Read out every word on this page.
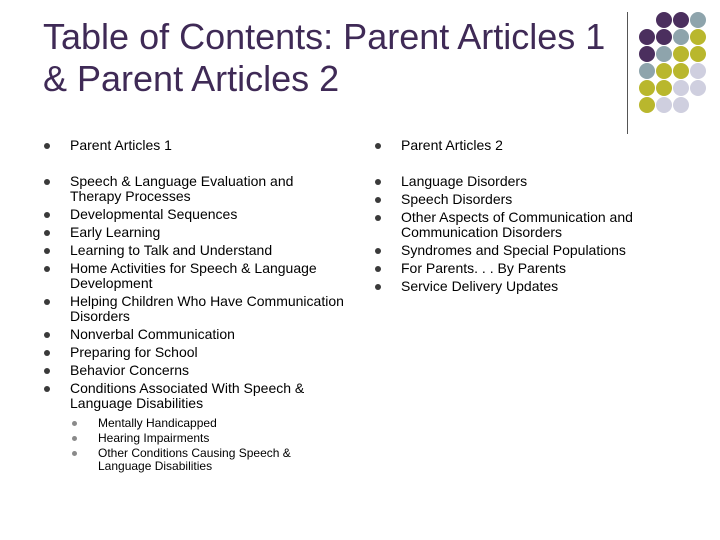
Table of Contents: Parent Articles 1 & Parent Articles 2
Parent Articles 1
Speech & Language Evaluation and Therapy Processes
Developmental Sequences
Early Learning
Learning to Talk and Understand
Home Activities for Speech & Language Development
Helping Children Who Have Communication Disorders
Nonverbal Communication
Preparing for School
Behavior Concerns
Conditions Associated With Speech & Language Disabilities
Mentally Handicapped
Hearing Impairments
Other Conditions Causing Speech & Language Disabilities
Parent Articles 2
Language Disorders
Speech Disorders
Other Aspects of Communication and Communication Disorders
Syndromes and Special Populations
For Parents. . . By Parents
Service Delivery Updates
